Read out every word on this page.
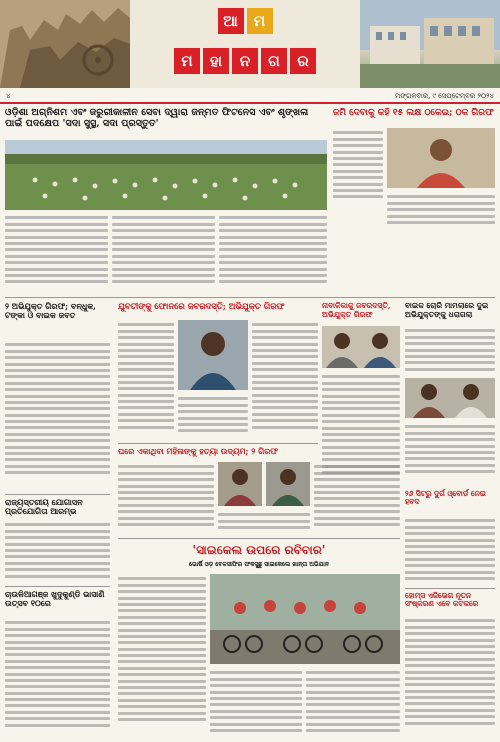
ଆ	ମ
ମ	ହା	ନ	ଗ	ର
୪	ମଙ୍ଗଳବାର, ୯ ସେପ୍ଟେମ୍ବର ୨୦୨୪
ଓଡ଼ିଶା ଅଗ୍ନିଶମ ଏବଂ ଜରୁରୀକାଳୀନ ସେବା ଦ୍ୱାରା ଜନ୍ମତ ଫିଟନେସ ଏବଂ ଶୃଙ୍ଖଳା ପାଇଁ ପଦକ୍ଷେପ 'ସଦା ସୁସ୍ଥ, ସଦା ପ୍ରସ୍ତୁତ'
ଜମି ଦେବାକୁ କହି ୧୫ ଲକ୍ଷ ଠକେଇ; ଠକ ଗିରଫ
୨ ଅଭିଯୁକ୍ତ ଗିରଫ; ବନ୍ଧୁକ, ଟଙ୍କା ଓ ବାଇକ ଜବତ
ଯୁବତୀଙ୍କୁ ଫୋନରେ ଜବରଦସ୍ତି; ଅଭିଯୁକ୍ତ ଗିରଫ	ନାବାଳିକାକୁ ଜବରଦସ୍ତି, ଅଭିଯୁକ୍ତ ଗିରଫ
ବାଇକ ଚୋରି ମାମଲାରେ ଦୁଇ ଅଭିଯୁକ୍ତଙ୍କୁ ଧରାଗଲା
ଘରେ ଏକାଥିବା ମହିଳାଙ୍କୁ ହତ୍ୟା ଉଦ୍ୟମ; ୨ ଗିରଫ
୨୬ ସିଟରୁ ଦୁର୍ଗ ଓ୍ବୋର୍ଡ ନେଇ ହବଦ
ରାଜ୍ୟସ୍ତରୀୟ ଯୋଗାସନ ପ୍ରତିଯୋଗିତା ଆରମ୍ଭ
ଚାଉଳିଆଗଞ୍ଜ ଖୁଦୁକୁଣ୍ଡି ଭାସାଣି ଉତ୍ସବ ୧୦ରେ
ହୋମ୍ସ ଏଜିଭେଗ ନୂତନ ସଂଷ୍କରଣ ଏବେ କଟକରେ
'ସାଇକେଲ ଉପରେ ରବିବାର'
ଭୋର୍ଷି ଓଡ଼ ବେଳସୀଫିର ଫକସୁଛୁ ସାଇକେଲେ ଖାନ୍ତା ଅଭିଯାନ
